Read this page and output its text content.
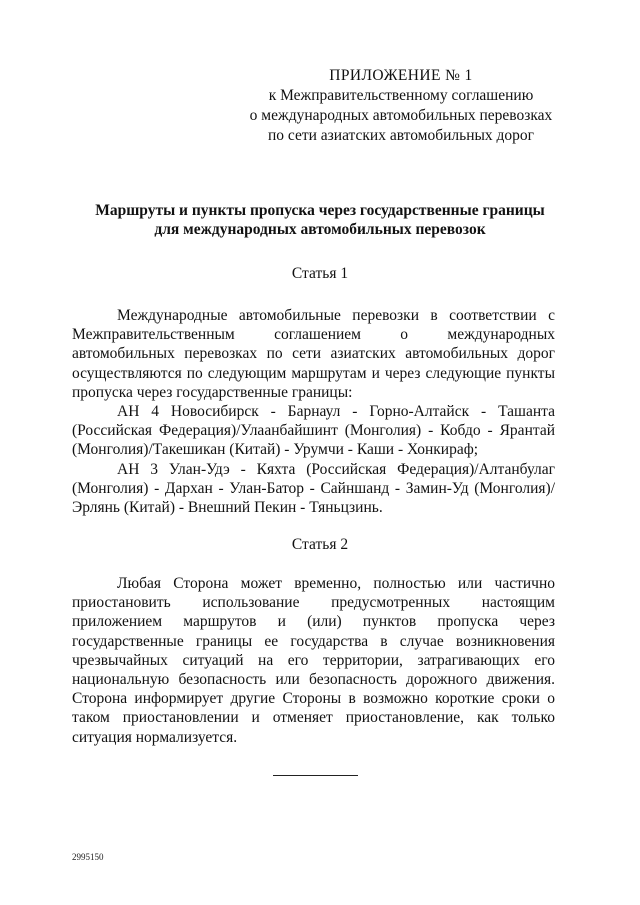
ПРИЛОЖЕНИЕ № 1
к Межправительственному соглашению
о международных автомобильных перевозках
по сети азиатских автомобильных дорог
Маршруты и пункты пропуска через государственные границы
для международных автомобильных перевозок
Статья 1

Международные автомобильные перевозки в соответствии с Межправительственным соглашением о международных автомобильных перевозках по сети азиатских автомобильных дорог осуществляются по следующим маршрутам и через следующие пункты пропуска через государственные границы:

АН 4 Новосибирск - Барнаул - Горно-Алтайск - Ташанта (Российская Федерация)/Улаанбайшинт (Монголия) - Кобдо - Ярантай (Монголия)/Такешикан (Китай) - Урумчи - Каши - Хонкираф;

АН 3 Улан-Удэ - Кяхта (Российская Федерация)/Алтанбулаг (Монголия) - Дархан - Улан-Батор - Сайншанд - Замин-Уд (Монголия)/Эрлянь (Китай) - Внешний Пекин - Тяньцзинь.

Статья 2

Любая Сторона может временно, полностью или частично приостановить использование предусмотренных настоящим приложением маршрутов и (или) пунктов пропуска через государственные границы ее государства в случае возникновения чрезвычайных ситуаций на его территории, затрагивающих его национальную безопасность или безопасность дорожного движения. Сторона информирует другие Стороны в возможно короткие сроки о таком приостановлении и отменяет приостановление, как только ситуация нормализуется.

2995150
